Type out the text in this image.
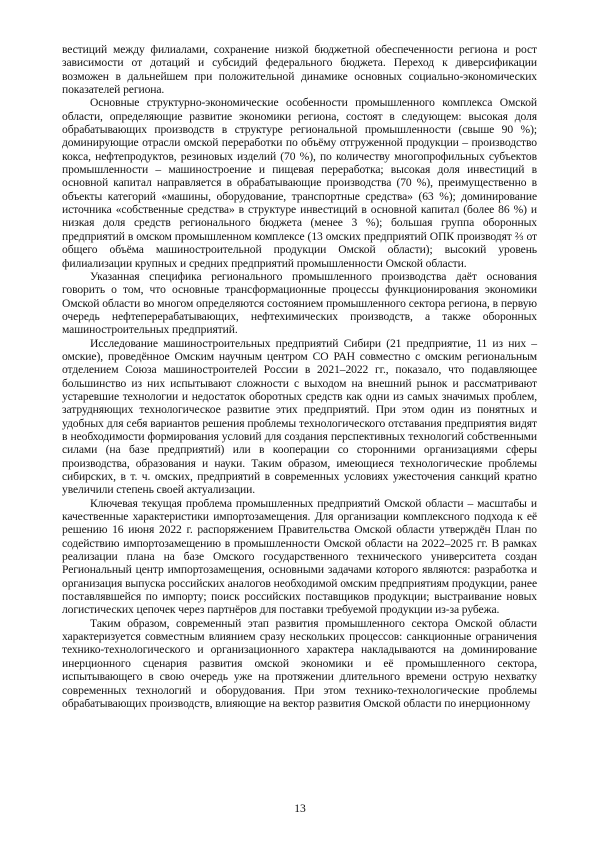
вестиций между филиалами, сохранение низкой бюджетной обеспеченности региона и рост зависимости от дотаций и субсидий федерального бюджета. Переход к диверсификации возможен в дальнейшем при положительной динамике основных социально-экономических показателей региона.

Основные структурно-экономические особенности промышленного комплекса Омской области, определяющие развитие экономики региона, состоят в следующем: высокая доля обрабатывающих производств в структуре региональной промышленности (свыше 90 %); доминирующие отрасли омской переработки по объёму отгруженной продукции – производство кокса, нефтепродуктов, резиновых изделий (70 %), по количеству многопрофильных субъектов промышленности – машиностроение и пищевая переработка; высокая доля инвестиций в основной капитал направляется в обрабатывающие производства (70 %), преимущественно в объекты категорий «машины, оборудование, транспортные средства» (63 %); доминирование источника «собственные средства» в структуре инвестиций в основной капитал (более 86 %) и низкая доля средств регионального бюджета (менее 3 %); большая группа оборонных предприятий в омском промышленном комплексе (13 омских предприятий ОПК производят ⅔ от общего объёма машиностроительной продукции Омской области); высокий уровень филиализации крупных и средних предприятий промышленности Омской области.

Указанная специфика регионального промышленного производства даёт основания говорить о том, что основные трансформационные процессы функционирования экономики Омской области во многом определяются состоянием промышленного сектора региона, в первую очередь нефтеперерабатывающих, нефтехимических производств, а также оборонных машиностроительных предприятий.

Исследование машиностроительных предприятий Сибири (21 предприятие, 11 из них – омские), проведённое Омским научным центром СО РАН совместно с омским региональным отделением Союза машиностроителей России в 2021–2022 гг., показало, что подавляющее большинство из них испытывают сложности с выходом на внешний рынок и рассматривают устаревшие технологии и недостаток оборотных средств как одни из самых значимых проблем, затрудняющих технологическое развитие этих предприятий. При этом один из понятных и удобных для себя вариантов решения проблемы технологического отставания предприятия видят в необходимости формирования условий для создания перспективных технологий собственными силами (на базе предприятий) или в кооперации со сторонними организациями сферы производства, образования и науки. Таким образом, имеющиеся технологические проблемы сибирских, в т. ч. омских, предприятий в современных условиях ужесточения санкций кратно увеличили степень своей актуализации.

Ключевая текущая проблема промышленных предприятий Омской области – масштабы и качественные характеристики импортозамещения. Для организации комплексного подхода к её решению 16 июня 2022 г. распоряжением Правительства Омской области утверждён План по содействию импортозамещению в промышленности Омской области на 2022–2025 гг. В рамках реализации плана на базе Омского государственного технического университета создан Региональный центр импортозамещения, основными задачами которого являются: разработка и организация выпуска российских аналогов необходимой омским предприятиям продукции, ранее поставлявшейся по импорту; поиск российских поставщиков продукции; выстраивание новых логистических цепочек через партнёров для поставки требуемой продукции из-за рубежа.

Таким образом, современный этап развития промышленного сектора Омской области характеризуется совместным влиянием сразу нескольких процессов: санкционные ограничения технико-технологического и организационного характера накладываются на доминирование инерционного сценария развития омской экономики и её промышленного сектора, испытывающего в свою очередь уже на протяжении длительного времени острую нехватку современных технологий и оборудования. При этом технико-технологические проблемы обрабатывающих производств, влияющие на вектор развития Омской области по инерционному

13
